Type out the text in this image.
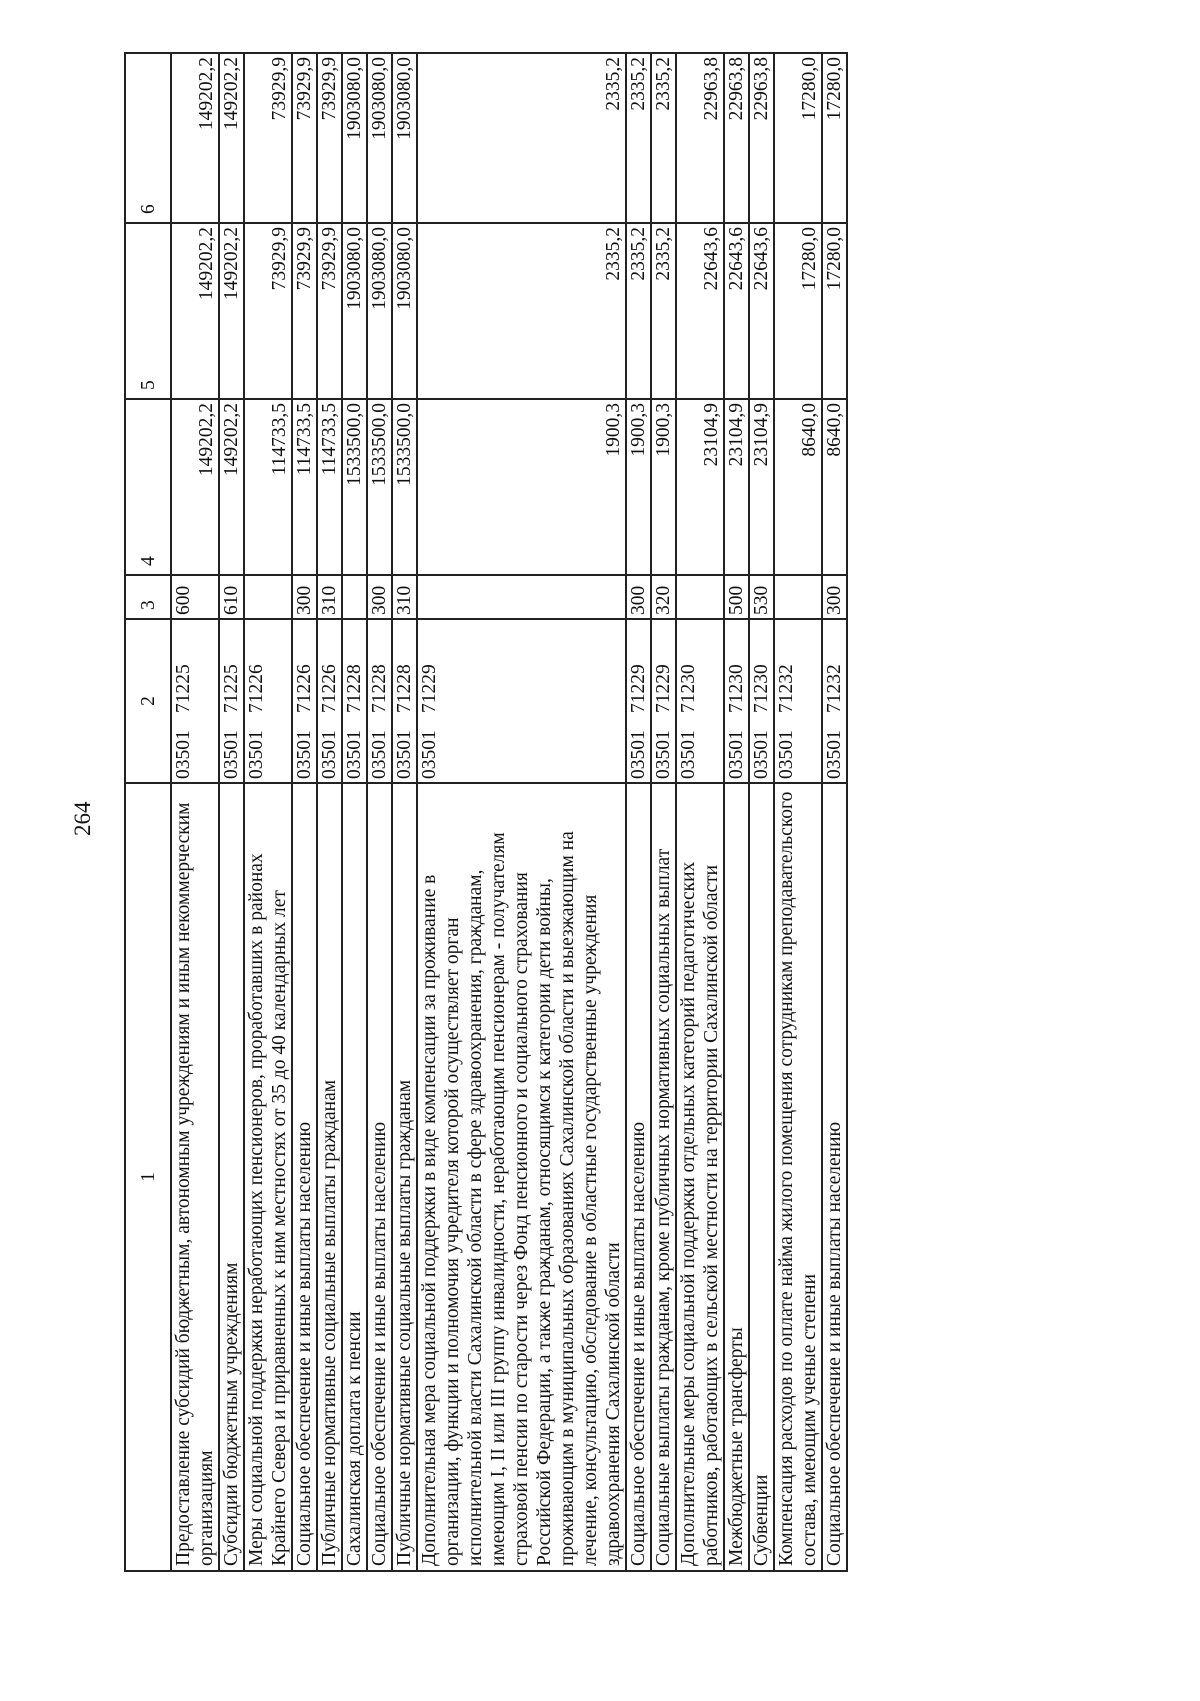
264
1	2	3	4	5	6
Предоставление субсидий бюджетным, автономным учреждениям и иным некоммерческим организациям	0350171225	600	149202,2	149202,2	149202,2
Субсидии бюджетным учреждениям	0350171225	610	149202,2	149202,2	149202,2
Меры социальной поддержки неработающих пенсионеров, проработавших в районах Крайнего Севера и приравненных к ним местностях от 35 до 40 календарных лет	0350171226		114733,5	73929,9	73929,9
Социальное обеспечение и иные выплаты населению	0350171226	300	114733,5	73929,9	73929,9
Публичные нормативные социальные выплаты гражданам	0350171226	310	114733,5	73929,9	73929,9
Сахалинская доплата к пенсии	0350171228		1533500,0	1903080,0	1903080,0
Социальное обеспечение и иные выплаты населению	0350171228	300	1533500,0	1903080,0	1903080,0
Публичные нормативные социальные выплаты гражданам	0350171228	310	1533500,0	1903080,0	1903080,0
Дополнительная мера социальной поддержки в виде компенсации за проживание в организации, функции и полномочия учредителя которой осуществляет орган исполнительной власти Сахалинской области в сфере здравоохранения, гражданам, имеющим I, II или III группу инвалидности, неработающим пенсионерам - получателям страховой пенсии по старости через Фонд пенсионного и социального страхования Российской Федерации, а также гражданам, относящимся к категории дети войны, проживающим в муниципальных образованиях Сахалинской области и выезжающим на лечение, консультацию, обследование в областные государственные учреждения здравоохранения Сахалинской области	0350171229		1900,3	2335,2	2335,2
Социальное обеспечение и иные выплаты населению	0350171229	300	1900,3	2335,2	2335,2
Социальные выплаты гражданам, кроме публичных нормативных социальных выплат	0350171229	320	1900,3	2335,2	2335,2
Дополнительные меры социальной поддержки отдельных категорий педагогических работников, работающих в сельской местности на территории Сахалинской области	0350171230		23104,9	22643,6	22963,8
Межбюджетные трансферты	0350171230	500	23104,9	22643,6	22963,8
Субвенции	0350171230	530	23104,9	22643,6	22963,8
Компенсация расходов по оплате найма жилого помещения сотрудникам преподавательского состава, имеющим ученые степени	0350171232		8640,0	17280,0	17280,0
Социальное обеспечение и иные выплаты населению	0350171232	300	8640,0	17280,0	17280,0
